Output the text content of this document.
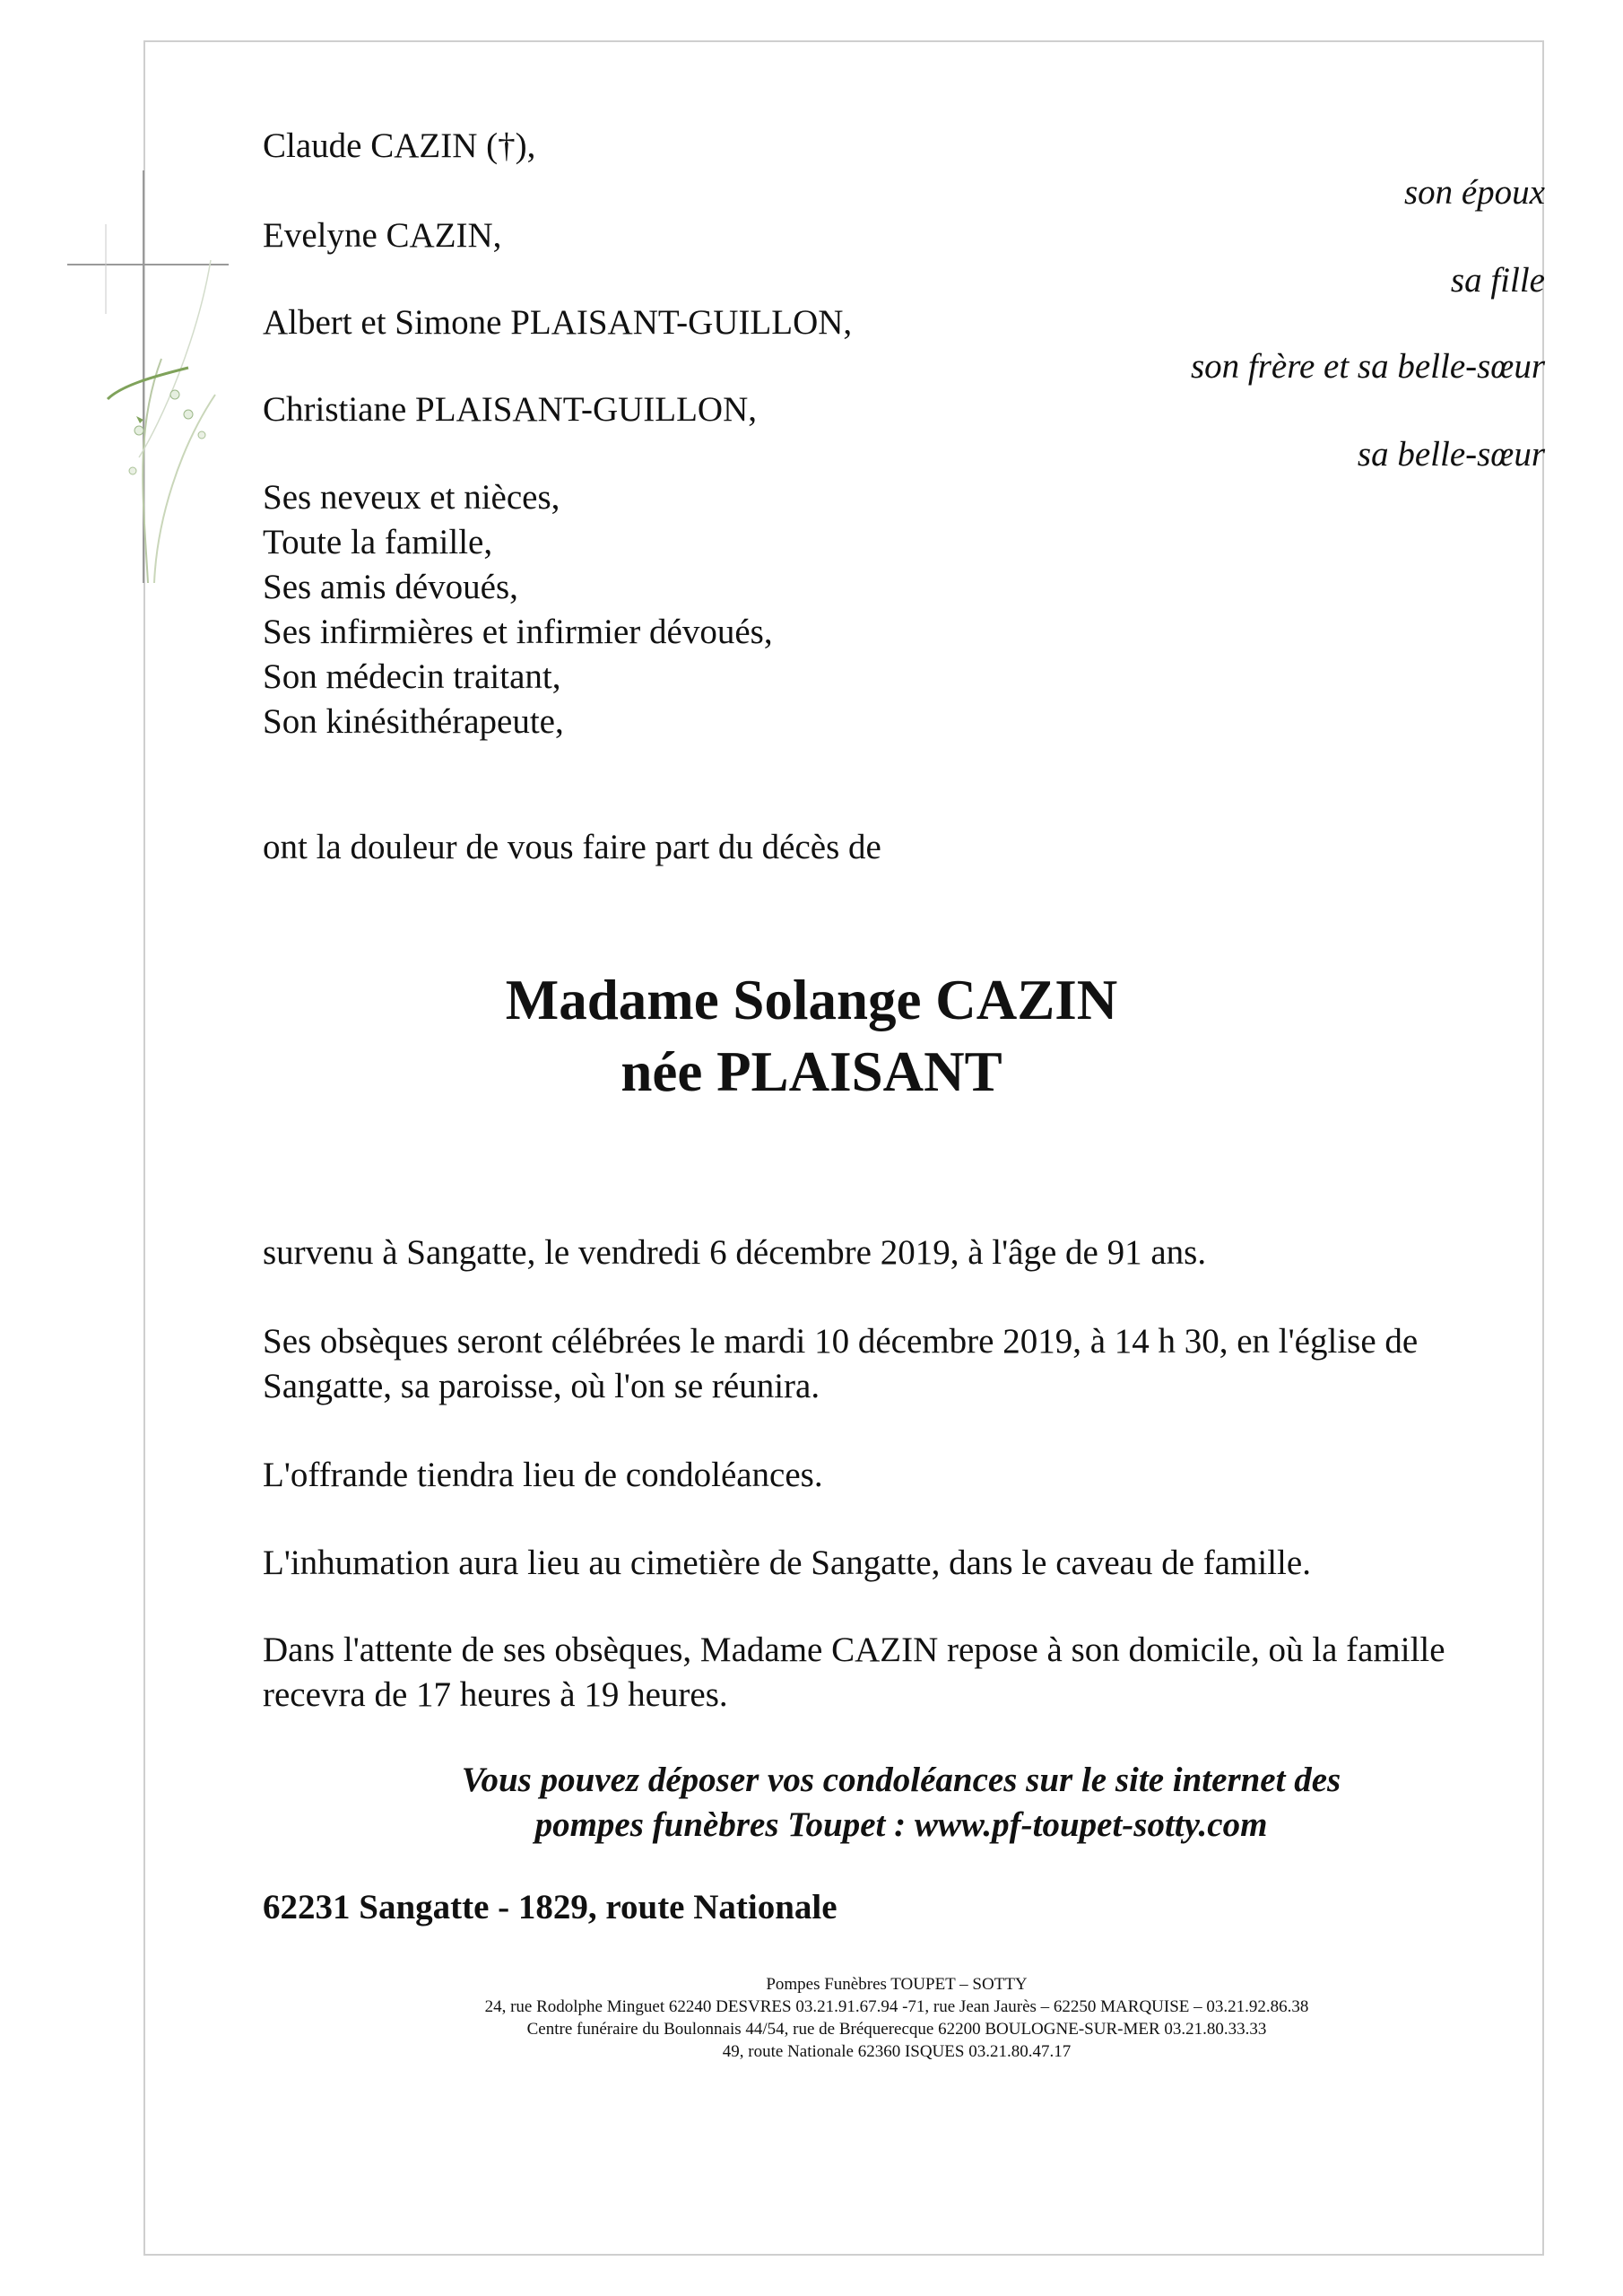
Claude CAZIN (†),
Evelyne CAZIN,
Albert et Simone PLAISANT-GUILLON,
Christiane PLAISANT-GUILLON,
son époux
sa fille
son frère et sa belle-sœur
sa belle-sœur
Ses neveux et nièces,
Toute la famille,
Ses amis dévoués,
Ses infirmières et infirmier dévoués,
Son médecin traitant,
Son kinésithérapeute,
ont la douleur de vous faire part du décès de
Madame Solange CAZIN
née PLAISANT

survenu à Sangatte, le vendredi 6 décembre 2019, à l'âge de 91 ans.

Ses obsèques seront célébrées le mardi 10 décembre 2019, à 14 h 30, en l'église de Sangatte, sa paroisse, où l'on se réunira.

L'offrande tiendra lieu de condoléances.

L'inhumation aura lieu au cimetière de Sangatte, dans le caveau de famille.

Dans l'attente de ses obsèques, Madame CAZIN repose à son domicile, où la famille recevra de 17 heures à 19 heures.

Vous pouvez déposer vos condoléances sur le site internet des
pompes funèbres Toupet : www.pf-toupet-sotty.com
62231 Sangatte - 1829, route Nationale
Pompes Funèbres TOUPET – SOTTY
24, rue Rodolphe Minguet 62240 DESVRES 03.21.91.67.94 -71, rue Jean Jaurès – 62250 MARQUISE – 03.21.92.86.38
Centre funéraire du Boulonnais 44/54, rue de Bréquerecque 62200 BOULOGNE-SUR-MER 03.21.80.33.33
49, route Nationale 62360 ISQUES 03.21.80.47.17
